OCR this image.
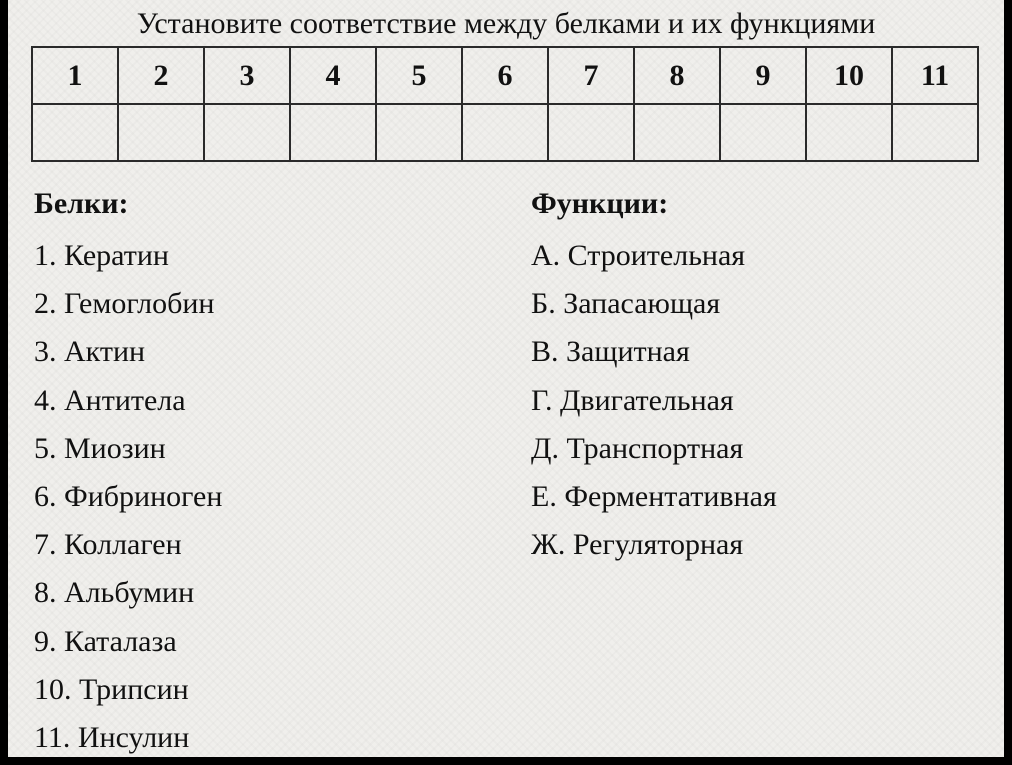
Установите соответствие между белками и их функциями
1	2	3	4	5	6	7	8	9	10	11

Белки:
1. Кератин
2. Гемоглобин
3. Актин
4. Антитела
5. Миозин
6. Фибриноген
7. Коллаген
8. Альбумин
9. Каталаза
10. Трипсин
11. Инсулин
Функции:
А. Строительная
Б. Запасающая
В. Защитная
Г. Двигательная
Д. Транспортная
Е. Ферментативная
Ж. Регуляторная
